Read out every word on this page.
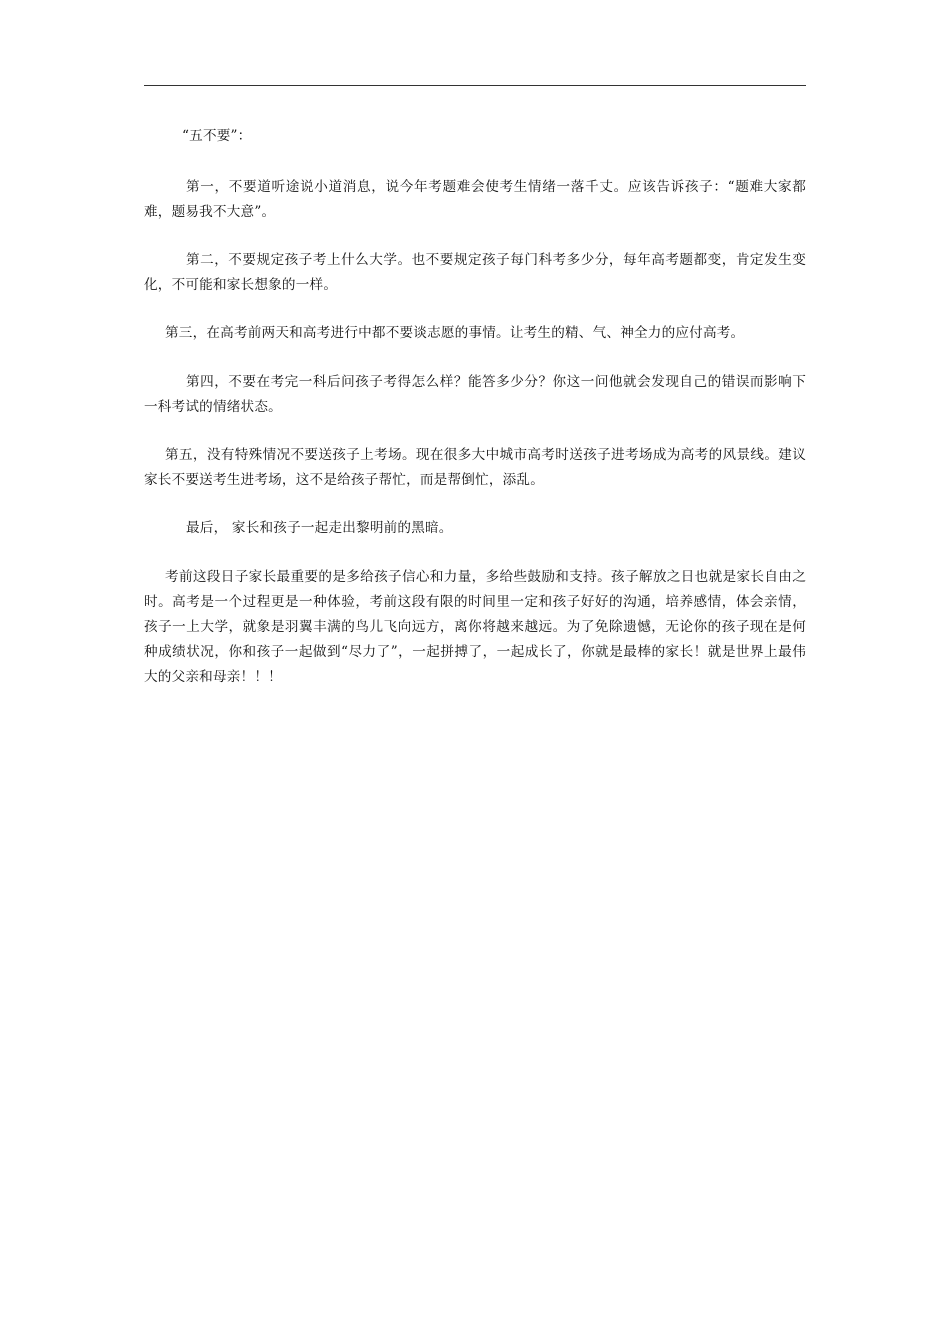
“五不要”：

第一，不要道听途说小道消息，说今年考题难会使考生情绪一落千丈。应该告诉孩子：“题难大家都难，题易我不大意”。

第二，不要规定孩子考上什么大学。也不要规定孩子每门科考多少分，每年高考题都变，肯定发生变化，不可能和家长想象的一样。

第三，在高考前两天和高考进行中都不要谈志愿的事情。让考生的精、气、神全力的应付高考。

第四，不要在考完一科后问孩子考得怎么样？能答多少分？你这一问他就会发现自己的错误而影响下一科考试的情绪状态。

第五，没有特殊情况不要送孩子上考场。现在很多大中城市高考时送孩子进考场成为高考的风景线。建议家长不要送考生进考场，这不是给孩子帮忙，而是帮倒忙，添乱。

最后， 家长和孩子一起走出黎明前的黑暗。

考前这段日子家长最重要的是多给孩子信心和力量，多给些鼓励和支持。孩子解放之日也就是家长自由之时。高考是一个过程更是一种体验，考前这段有限的时间里一定和孩子好好的沟通，培养感情，体会亲情，孩子一上大学，就象是羽翼丰满的鸟儿飞向远方，离你将越来越远。为了免除遗憾，无论你的孩子现在是何种成绩状况，你和孩子一起做到“尽力了”，一起拼搏了，一起成长了，你就是最棒的家长！就是世界上最伟大的父亲和母亲！！！
